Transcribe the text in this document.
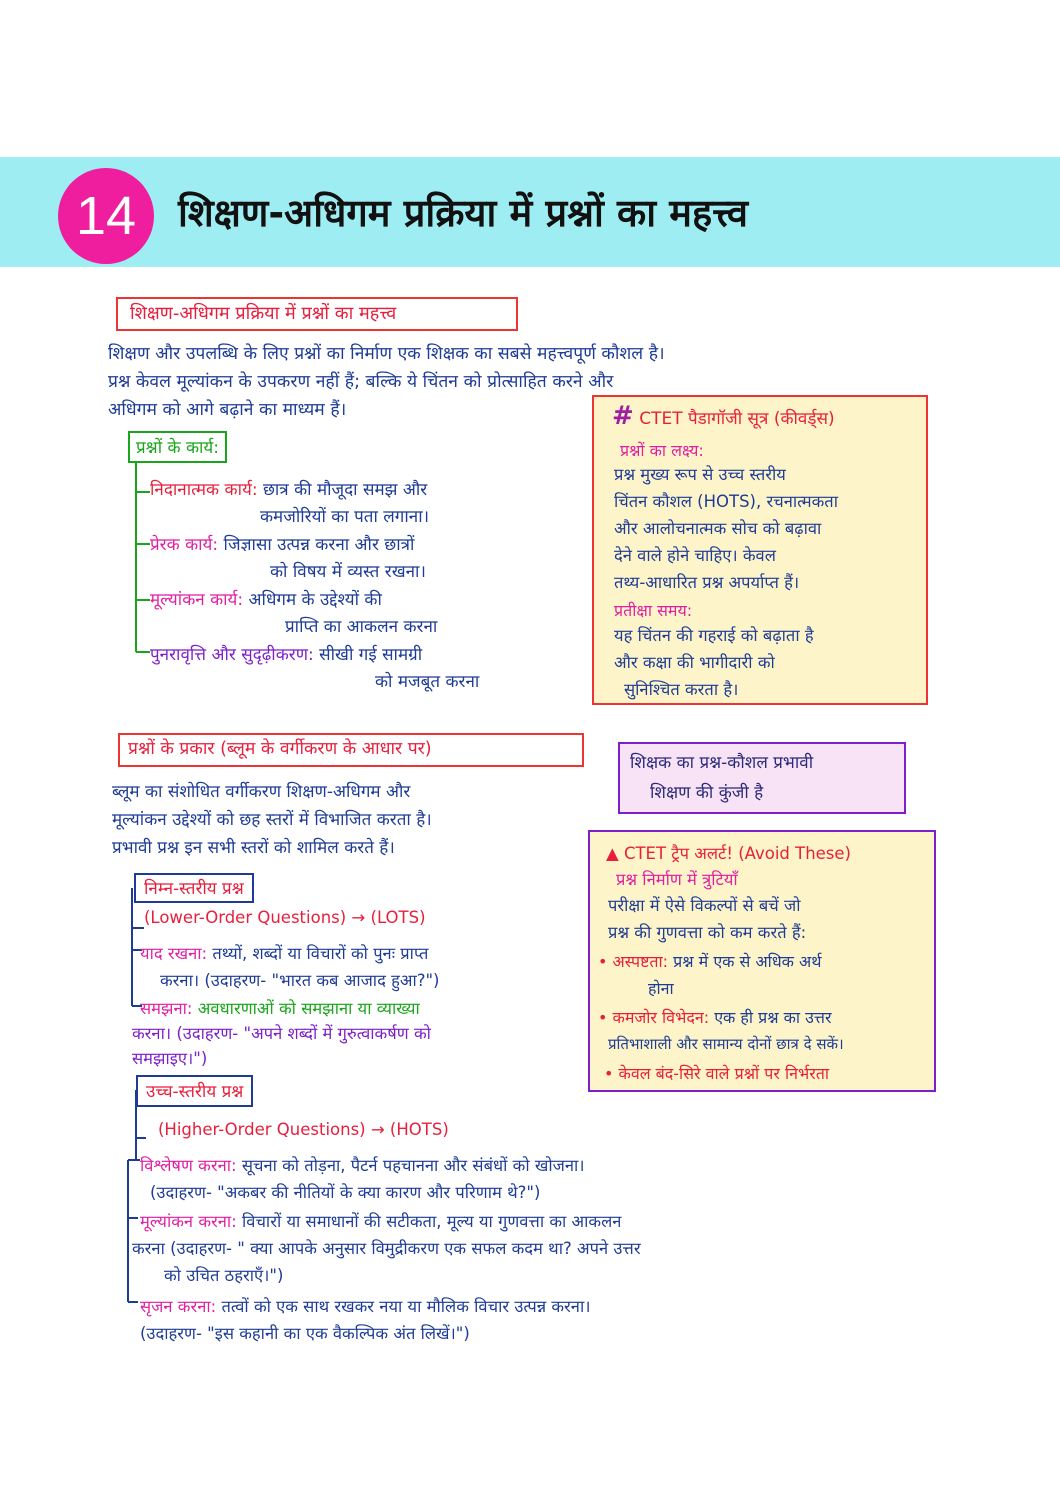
14	शिक्षण-अधिगम प्रक्रिया में प्रश्नों का महत्त्व
शिक्षण-अधिगम प्रक्रिया में प्रश्नों का महत्त्व
शिक्षण और उपलब्धि के लिए प्रश्नों का निर्माण एक शिक्षक का सबसे महत्त्वपूर्ण कौशल है।
प्रश्न केवल मूल्यांकन के उपकरण नहीं हैं; बल्कि ये चिंतन को प्रोत्साहित करने और
अधिगम को आगे बढ़ाने का माध्यम हैं।
प्रश्नों के कार्य:
निदानात्मक कार्य: छात्र की मौजूदा समझ और
कमजोरियों का पता लगाना।
प्रेरक कार्य: जिज्ञासा उत्पन्न करना और छात्रों
को विषय में व्यस्त रखना।
मूल्यांकन कार्य: अधिगम के उद्देश्यों की
प्राप्ति का आकलन करना
पुनरावृत्ति और सुदृढ़ीकरण: सीखी गई सामग्री
को मजबूत करना
# CTET पैडागॉजी सूत्र (कीवर्ड्स)
प्रश्नों का लक्ष्य:
प्रश्न मुख्य रूप से उच्च स्तरीय
चिंतन कौशल (HOTS), रचनात्मकता
और आलोचनात्मक सोच को बढ़ावा
देने वाले होने चाहिए। केवल
तथ्य-आधारित प्रश्न अपर्याप्त हैं।
प्रतीक्षा समय:
यह चिंतन की गहराई को बढ़ाता है
और कक्षा की भागीदारी को
सुनिश्चित करता है।
प्रश्नों के प्रकार (ब्लूम के वर्गीकरण के आधार पर)
ब्लूम का संशोधित वर्गीकरण शिक्षण-अधिगम और
मूल्यांकन उद्देश्यों को छह स्तरों में विभाजित करता है।
प्रभावी प्रश्न इन सभी स्तरों को शामिल करते हैं।
शिक्षक का प्रश्न-कौशल प्रभावी
शिक्षण की कुंजी है
निम्न-स्तरीय प्रश्न
(Lower-Order Questions) → (LOTS)
याद रखना: तथ्यों, शब्दों या विचारों को पुनः प्राप्त
करना। (उदाहरण- "भारत कब आजाद हुआ?")
समझना: अवधारणाओं को समझाना या व्याख्या
करना। (उदाहरण- "अपने शब्दों में गुरुत्वाकर्षण को
समझाइए।")
▲ CTET ट्रैप अलर्ट! (Avoid These)
प्रश्न निर्माण में त्रुटियाँ
परीक्षा में ऐसे विकल्पों से बचें जो
प्रश्न की गुणवत्ता को कम करते हैं:
• अस्पष्टता: प्रश्न में एक से अधिक अर्थ
होना
• कमजोर विभेदन: एक ही प्रश्न का उत्तर
प्रतिभाशाली और सामान्य दोनों छात्र दे सकें।
• केवल बंद-सिरे वाले प्रश्नों पर निर्भरता
उच्च-स्तरीय प्रश्न
(Higher-Order Questions) → (HOTS)
विश्लेषण करना: सूचना को तोड़ना, पैटर्न पहचानना और संबंधों को खोजना।
(उदाहरण- "अकबर की नीतियों के क्या कारण और परिणाम थे?")
मूल्यांकन करना: विचारों या समाधानों की सटीकता, मूल्य या गुणवत्ता का आकलन
करना (उदाहरण- " क्या आपके अनुसार विमुद्रीकरण एक सफल कदम था? अपने उत्तर
को उचित ठहराएँ।")
सृजन करना: तत्वों को एक साथ रखकर नया या मौलिक विचार उत्पन्न करना।
(उदाहरण- "इस कहानी का एक वैकल्पिक अंत लिखें।")
